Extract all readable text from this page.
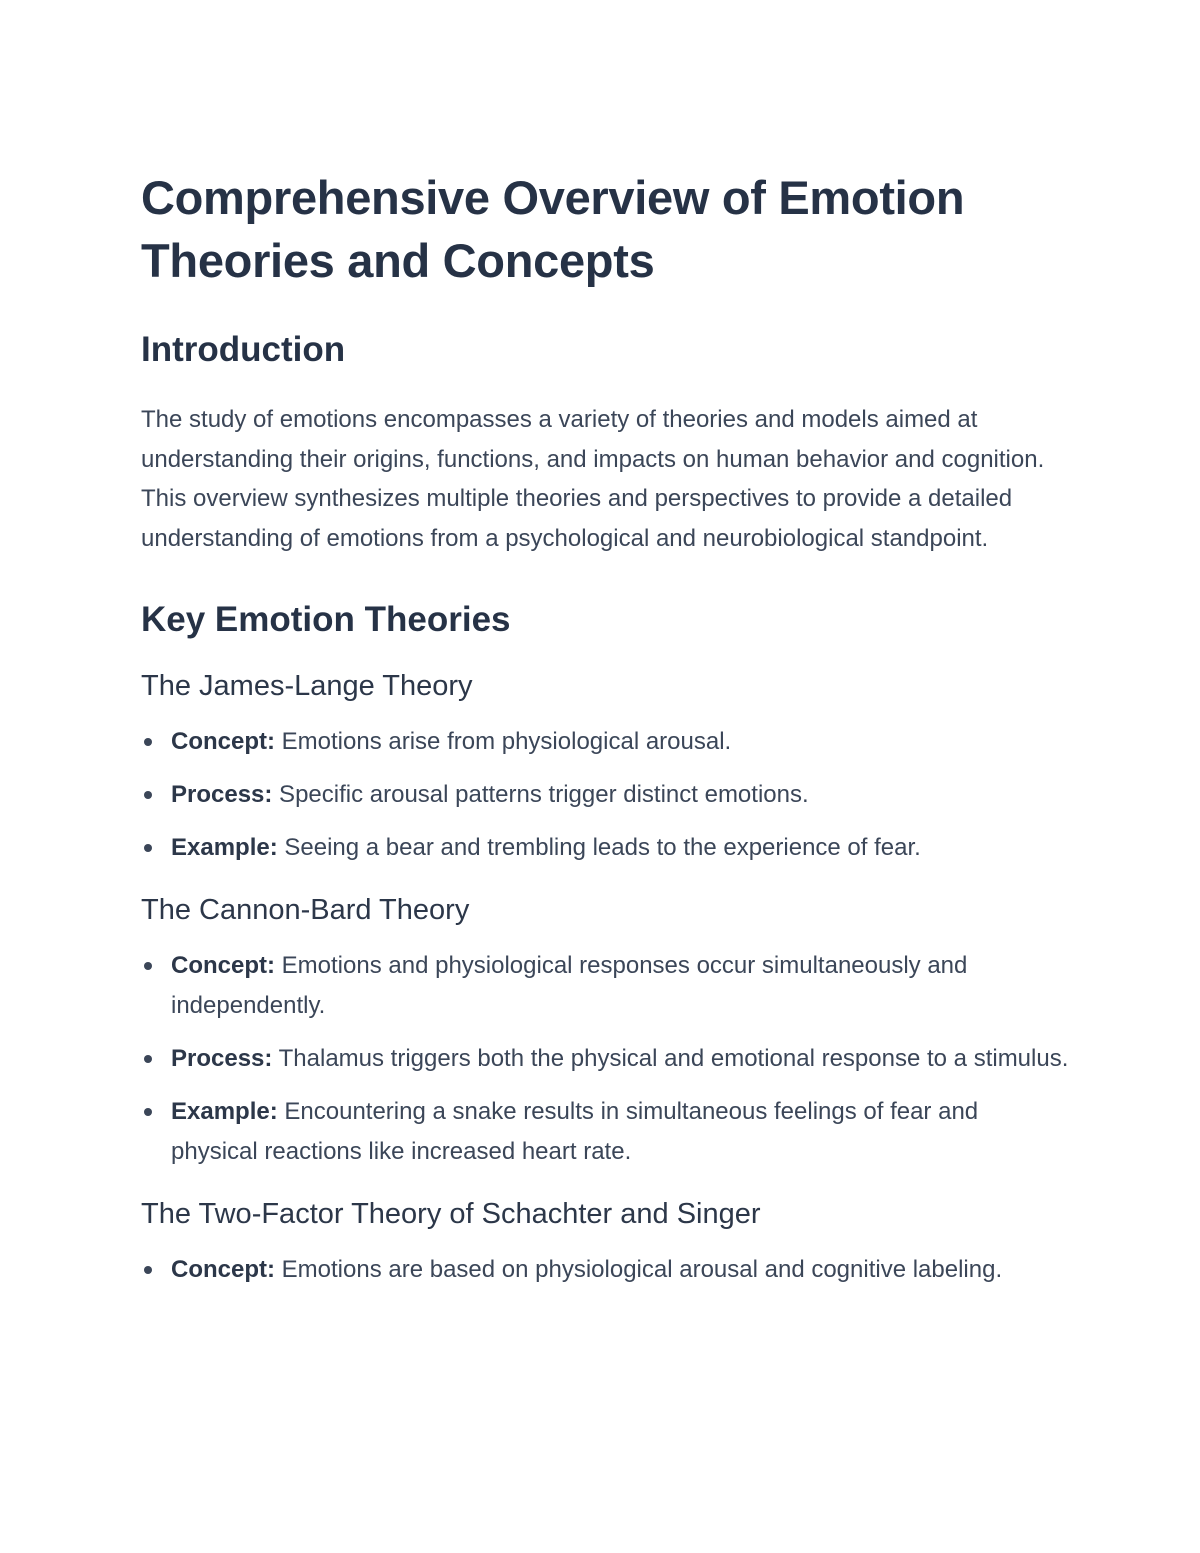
Comprehensive Overview of Emotion Theories and Concepts
Introduction

The study of emotions encompasses a variety of theories and models aimed at understanding their origins, functions, and impacts on human behavior and cognition. This overview synthesizes multiple theories and perspectives to provide a detailed understanding of emotions from a psychological and neurobiological standpoint.

Key Emotion Theories
The James-Lange Theory
Concept: Emotions arise from physiological arousal.
Process: Specific arousal patterns trigger distinct emotions.
Example: Seeing a bear and trembling leads to the experience of fear.
The Cannon-Bard Theory
Concept: Emotions and physiological responses occur simultaneously and independently.
Process: Thalamus triggers both the physical and emotional response to a stimulus.
Example: Encountering a snake results in simultaneous feelings of fear and physical reactions like increased heart rate.
The Two-Factor Theory of Schachter and Singer
Concept: Emotions are based on physiological arousal and cognitive labeling.
